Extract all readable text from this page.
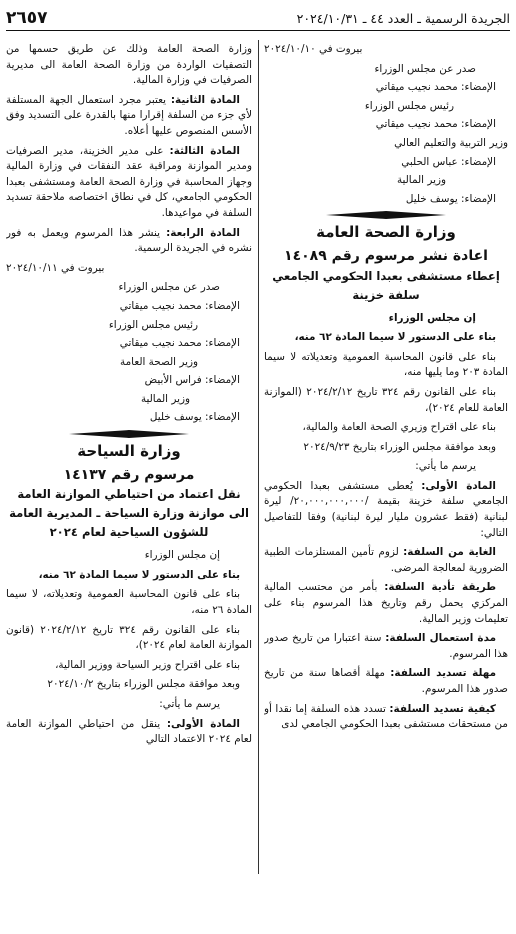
الجريدة الرسمية ـ العدد ٤٤ ـ ٢٠٢٤/١٠/٣١
٢٦٥٧

بيروت في ٢٠٢٤/١٠/١٠

صدر عن مجلس الوزراء

الإمضاء: محمد نجيب ميقاتي

رئيس مجلس الوزراء

الإمضاء: محمد نجيب ميقاتي

وزير التربية والتعليم العالي

الإمضاء: عباس الحلبي

وزير المالية

الإمضاء: يوسف خليل

وزارة الصحة العامة
اعادة نشر مرسوم رقم ١٤٠٨٩
إعطاء مستشفى بعبدا الحكومي الجامعي سلفة خزينة

إن مجلس الوزراء

بناء على الدستور لا سيما المادة ٦٢ منه،

بناء على قانون المحاسبة العمومية وتعديلاته لا سيما المادة ٢٠٣ وما يليها منه،

بناء على القانون رقم ٣٢٤ تاريخ ٢٠٢٤/٢/١٢ (الموازنة العامة للعام ٢٠٢٤)،

بناء على اقتراح وزيري الصحة العامة والمالية،

وبعد موافقة مجلس الوزراء بتاريخ ٢٠٢٤/٩/٢٣

يرسم ما يأتي:

المادة الأولى: يُعطى مستشفى بعبدا الحكومي الجامعي سلفة خزينة بقيمة /٢٠,٠٠٠,٠٠٠,٠٠٠/ ليرة لبنانية (فقط عشرون مليار ليرة لبنانية) وفقا للتفاصيل التالي:

الغاية من السلفة: لزوم تأمين المستلزمات الطبية الضرورية لمعالجة المرضى.

طريقة تأدية السلفة: بأمر من محتسب المالية المركزي يحمل رقم وتاريخ هذا المرسوم بناء على تعليمات وزير المالية.

مدة استعمال السلفة: سنة اعتبارا من تاريخ صدور هذا المرسوم.

مهلة تسديد السلفة: مهلة أقصاها سنة من تاريخ صدور هذا المرسوم.

كيفية تسديد السلفة: تسدد هذه السلفة إما نقدا أو من مستحقات مستشفى بعبدا الحكومي الجامعي لدى

وزارة الصحة العامة وذلك عن طريق حسمها من التصفيات الواردة من وزارة الصحة العامة الى مديرية الصرفيات في وزارة المالية.

المادة الثانية: يعتبر مجرد استعمال الجهة المستلفة لأي جزء من السلفة إقرارا منها بالقدرة على التسديد وفق الأسس المنصوص عليها أعلاه.

المادة الثالثة: على مدير الخزينة، مدير الصرفيات ومدير الموازنة ومراقبة عقد النفقات في وزارة المالية وجهاز المحاسبة في وزارة الصحة العامة ومستشفى بعبدا الحكومي الجامعي، كل في نطاق اختصاصه ملاحقة تسديد السلفة في مواعيدها.

المادة الرابعة: ينشر هذا المرسوم ويعمل به فور نشره في الجريدة الرسمية.

بيروت في ٢٠٢٤/١٠/١١

صدر عن مجلس الوزراء

الإمضاء: محمد نجيب ميقاتي

رئيس مجلس الوزراء

الإمضاء: محمد نجيب ميقاتي

وزير الصحة العامة

الإمضاء: فراس الأبيض

وزير المالية

الإمضاء: يوسف خليل

وزارة السياحة
مرسوم رقم ١٤١٣٧
نقل اعتماد من احتياطي الموازنة العامة الى موازنة وزارة السياحة ـ المديرية العامة للشؤون السياحية لعام ٢٠٢٤

إن مجلس الوزراء

بناء على الدستور لا سيما المادة ٦٢ منه،

بناء على قانون المحاسبة العمومية وتعديلاته، لا سيما المادة ٢٦ منه،

بناء على القانون رقم ٣٢٤ تاريخ ٢٠٢٤/٢/١٢ (قانون الموازنة العامة لعام ٢٠٢٤)،

بناء على اقتراح وزير السياحة ووزير المالية،

وبعد موافقة مجلس الوزراء بتاريخ ٢٠٢٤/١٠/٢

يرسم ما يأتي:

المادة الأولى: ينقل من احتياطي الموازنة العامة لعام ٢٠٢٤ الاعتماد التالي
